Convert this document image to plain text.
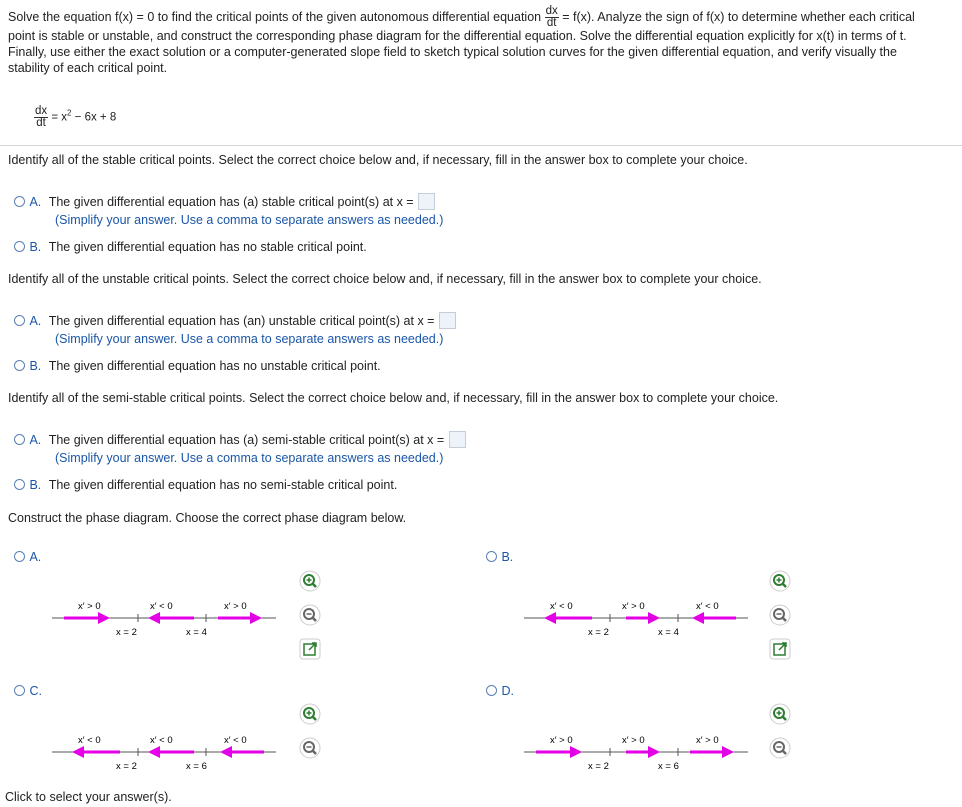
Solve the equation f(x) = 0 to find the critical points of the given autonomous differential equation $\frac{dx}{dt} = f(x)$. Analyze the sign of f(x) to determine whether each critical
point is stable or unstable, and construct the corresponding phase diagram for the differential equation. Solve the differential equation explicitly for x(t) in terms of t.
Finally, use either the exact solution or a computer-generated slope field to sketch typical solution curves for the given differential equation, and verify visually the
stability of each critical point.
$\frac{dx}{dt} = x^2 - 6x + 8$
Identify all of the stable critical points. Select the correct choice below and, if necessary, fill in the answer box to complete your choice.
A. The given differential equation has (a) stable critical point(s) at x =
(Simplify your answer. Use a comma to separate answers as needed.)
B. The given differential equation has no stable critical point.
Identify all of the unstable critical points. Select the correct choice below and, if necessary, fill in the answer box to complete your choice.
A. The given differential equation has (an) unstable critical point(s) at x =
(Simplify your answer. Use a comma to separate answers as needed.)
B. The given differential equation has no unstable critical point.
Identify all of the semi-stable critical points. Select the correct choice below and, if necessary, fill in the answer box to complete your choice.
A. The given differential equation has (a) semi-stable critical point(s) at x =
(Simplify your answer. Use a comma to separate answers as needed.)
B. The given differential equation has no semi-stable critical point.
Construct the phase diagram. Choose the correct phase diagram below.
A.	B.
C.	D.
x′ > 0	x′ < 0	x′ > 0
x = 2	x = 4
x′ < 0	x′ > 0	x′ < 0
x = 2	x = 4
x′ < 0	x′ < 0	x′ < 0
x = 2	x = 6
x′ > 0	x′ > 0	x′ > 0
x = 2	x = 6
Click to select your answer(s).
